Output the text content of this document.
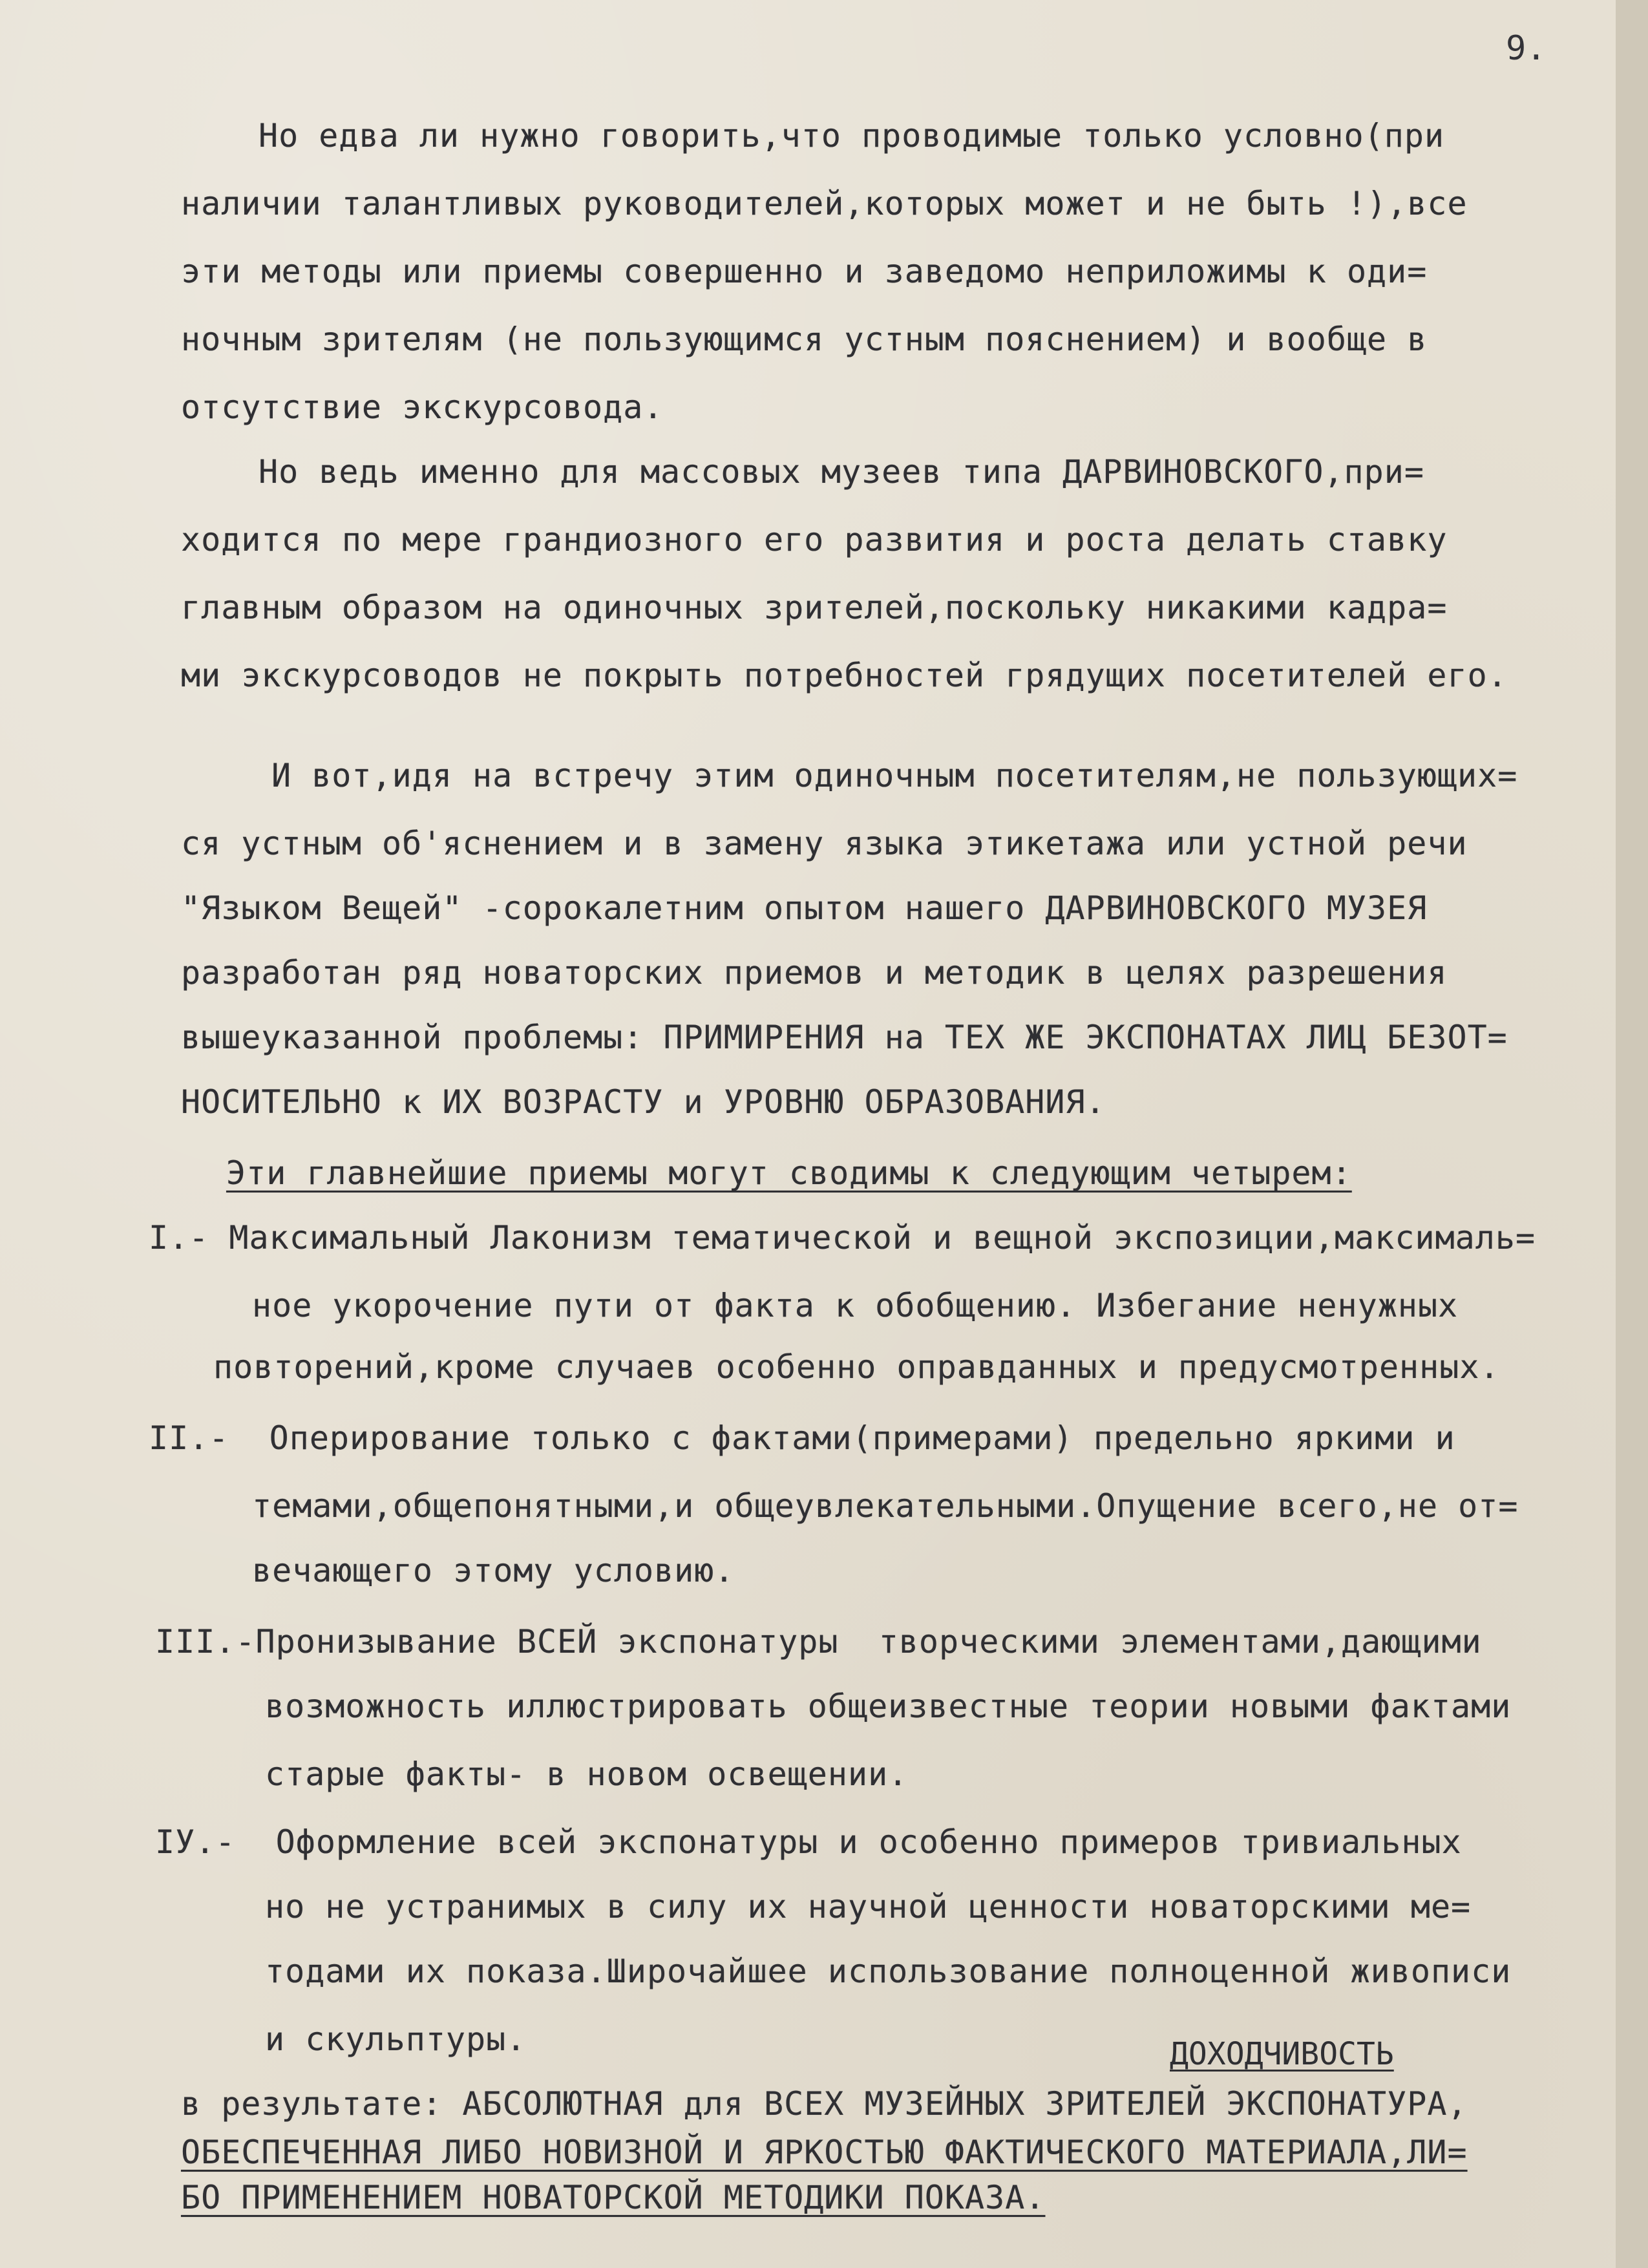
9.
Но едва ли нужно говорить,что проводимые только условно(при
наличии талантливых руководителей,которых может и не быть !),все
эти методы или приемы совершенно и заведомо неприложимы к оди=
ночным зрителям (не пользующимся устным пояснением) и вообще в
отсутствие экскурсовода.
Но ведь именно для массовых музеев типа ДАРВИНОВСКОГО,при=
ходится по мере грандиозного его развития и роста делать ставку
главным образом на одиночных зрителей,поскольку никакими кадра=
ми экскурсоводов не покрыть потребностей грядущих посетителей его.
И вот,идя на встречу этим одиночным посетителям,не пользующих=
ся устным об'яснением и в замену языка этикетажа или устной речи
"Языком Вещей" -сорокалетним опытом нашего ДАРВИНОВСКОГО МУЗЕЯ
разработан ряд новаторских приемов и методик в целях разрешения
вышеуказанной проблемы: ПРИМИРЕНИЯ на ТЕХ ЖЕ ЭКСПОНАТАХ ЛИЦ БЕЗОТ=
НОСИТЕЛЬНО к ИХ ВОЗРАСТУ и УРОВНЮ ОБРАЗОВАНИЯ.
Эти главнейшие приемы могут сводимы к следующим четырем:
I.- Максимальный Лаконизм тематической и вещной экспозиции,максималь=
ное укорочение пути от факта к обобщению. Избегание ненужных
повторений,кроме случаев особенно оправданных и предусмотренных.
II.-  Оперирование только с фактами(примерами) предельно яркими и
темами,общепонятными,и общеувлекательными.Опущение всего,не от=
вечающего этому условию.
III.-Пронизывание ВСЕЙ экспонатуры  творческими элементами,дающими
возможность иллюстрировать общеизвестные теории новыми фактами
старые факты- в новом освещении.
IУ.-  Оформление всей экспонатуры и особенно примеров тривиальных
но не устранимых в силу их научной ценности новаторскими ме=
тодами их показа.Широчайшее использование полноценной живописи
и скульптуры.	ДОХОДЧИВОСТЬ
в результате: АБСОЛЮТНАЯ для ВСЕХ МУЗЕЙНЫХ ЗРИТЕЛЕЙ ЭКСПОНАТУРА,
ОБЕСПЕЧЕННАЯ ЛИБО НОВИЗНОЙ И ЯРКОСТЬЮ ФАКТИЧЕСКОГО МАТЕРИАЛА,ЛИ=
БО ПРИМЕНЕНИЕМ НОВАТОРСКОЙ МЕТОДИКИ ПОКАЗА.
